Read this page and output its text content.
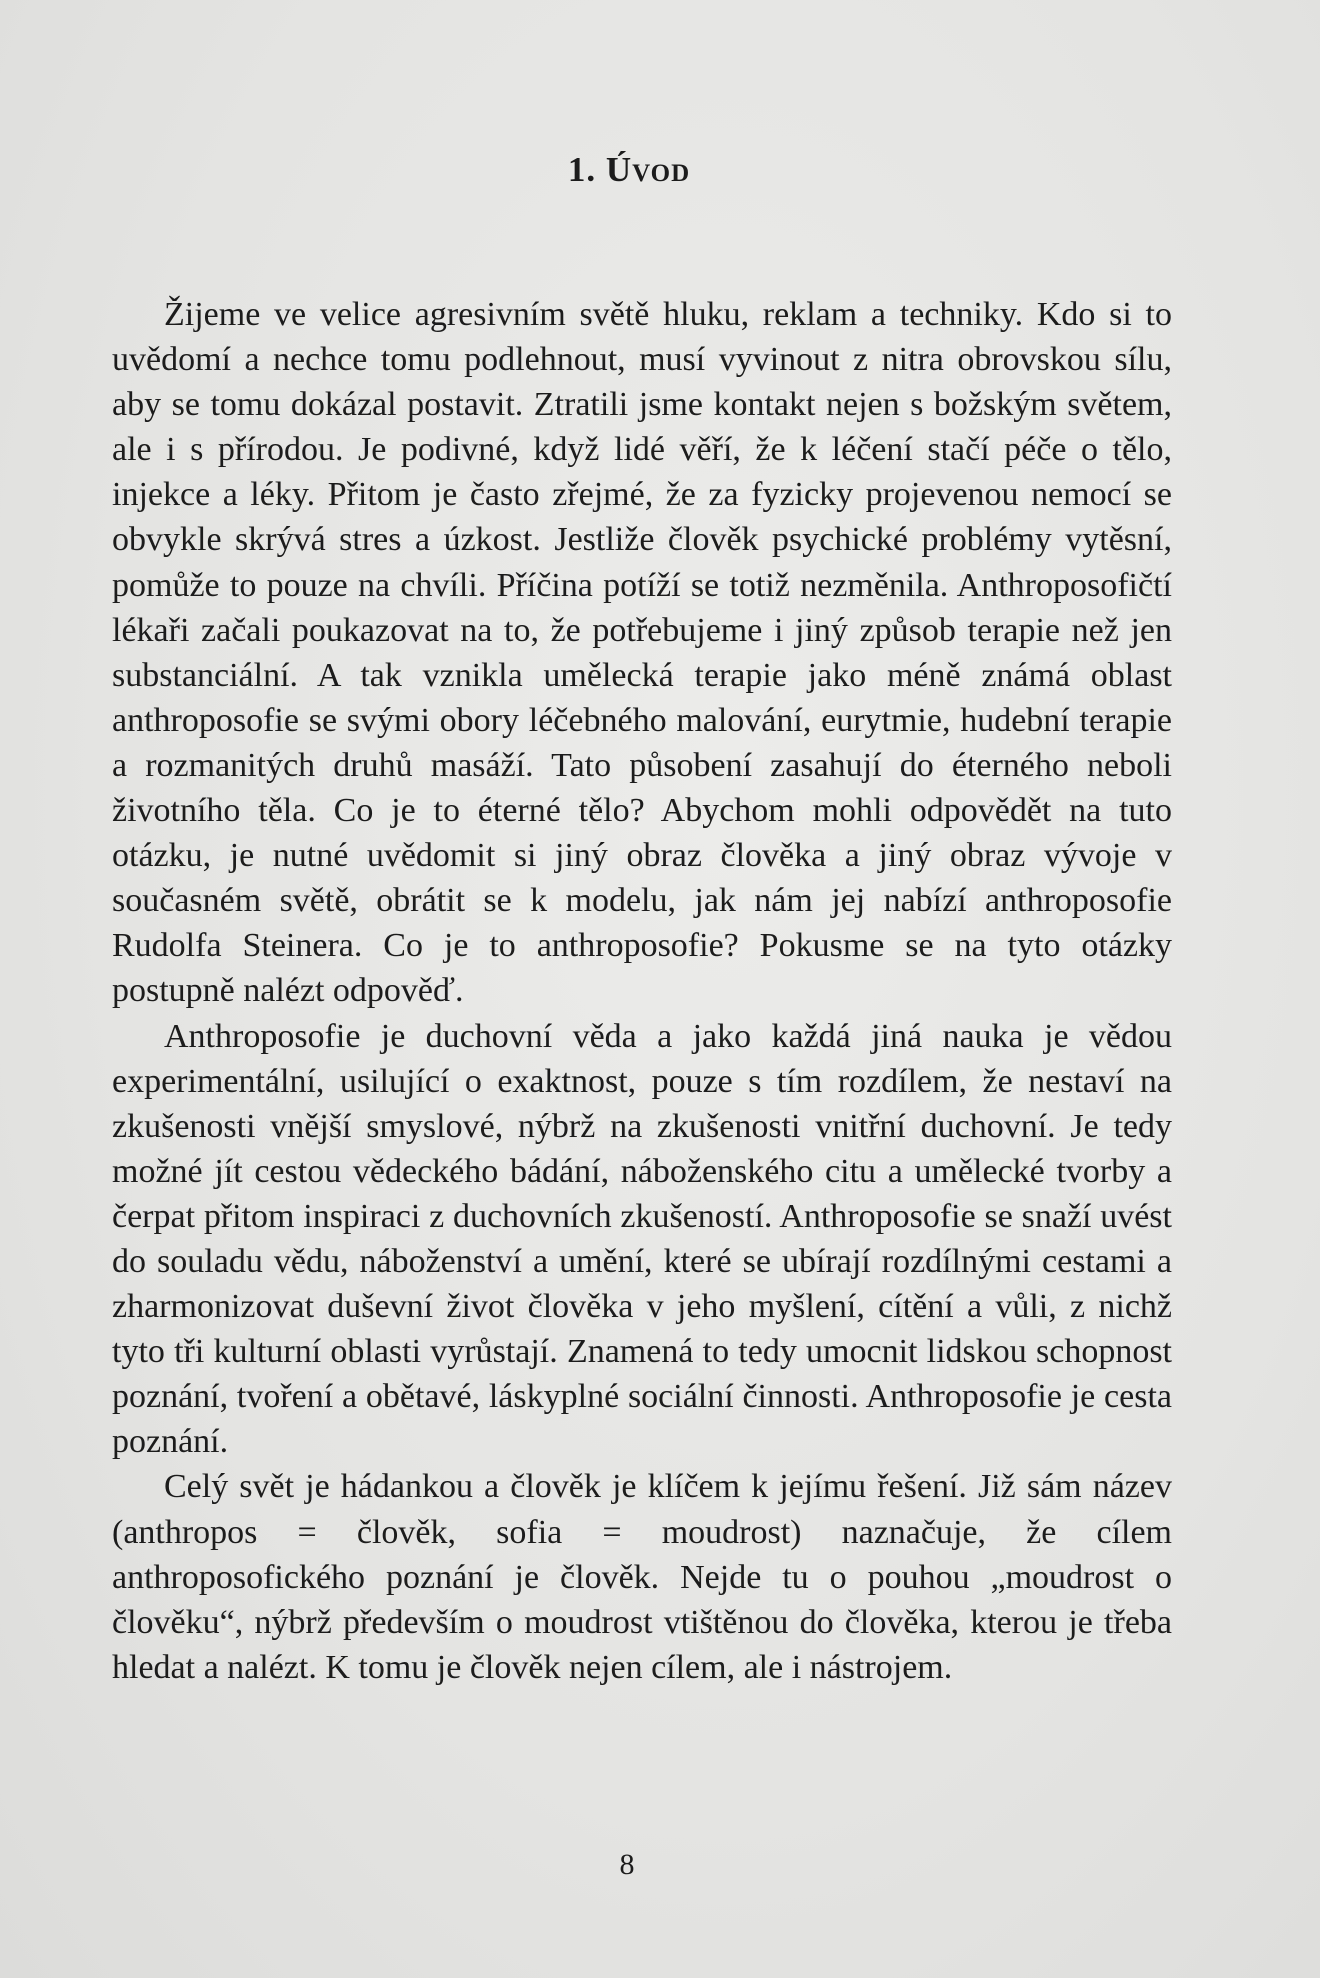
1. Úvod

Žijeme ve velice agresivním světě hluku, reklam a techniky. Kdo si to uvědomí a nechce tomu podlehnout, musí vyvinout z nitra obrovskou sílu, aby se tomu dokázal postavit. Ztratili jsme kontakt nejen s božským světem, ale i s přírodou. Je podivné, když lidé věří, že k léčení stačí péče o tělo, injekce a léky. Přitom je často zřejmé, že za fyzicky projevenou nemocí se obvykle skrývá stres a úzkost. Jestliže člověk psychické problémy vytěsní, pomůže to pouze na chvíli. Příčina potíží se totiž nezměnila. Anthroposofičtí lékaři začali poukazovat na to, že potřebujeme i jiný způsob terapie než jen substanciální. A tak vznikla umělecká terapie jako méně známá oblast anthroposofie se svými obory léčebného malování, eurytmie, hudební terapie a rozmanitých druhů masáží. Tato působení zasahují do éterného neboli životního těla. Co je to éterné tělo? Abychom mohli odpovědět na tuto otázku, je nutné uvědomit si jiný obraz člověka a jiný obraz vývoje v současném světě, obrátit se k modelu, jak nám jej nabízí anthroposofie Rudolfa Steinera. Co je to anthroposofie? Pokusme se na tyto otázky postupně nalézt odpověď.

Anthroposofie je duchovní věda a jako každá jiná nauka je vědou experimentální, usilující o exaktnost, pouze s tím rozdílem, že nestaví na zkušenosti vnější smyslové, nýbrž na zkušenosti vnitřní duchovní. Je tedy možné jít cestou vědeckého bádání, náboženského citu a umělecké tvorby a čerpat přitom inspiraci z duchovních zkušeností. Anthroposofie se snaží uvést do souladu vědu, náboženství a umění, které se ubírají rozdílnými cestami a zharmonizovat duševní život člověka v jeho myšlení, cítění a vůli, z nichž tyto tři kulturní oblasti vyrůstají. Znamená to tedy umocnit lidskou schopnost poznání, tvoření a obětavé, láskyplné sociální činnosti. Anthroposofie je cesta poznání.

Celý svět je hádankou a člověk je klíčem k jejímu řešení. Již sám název (anthropos = člověk, sofia = moudrost) naznačuje, že cílem anthroposofického poznání je člověk. Nejde tu o pouhou „moudrost o člověku“, nýbrž především o moudrost vtištěnou do člověka, kterou je třeba hledat a nalézt. K tomu je člověk nejen cílem, ale i nástrojem.

8
